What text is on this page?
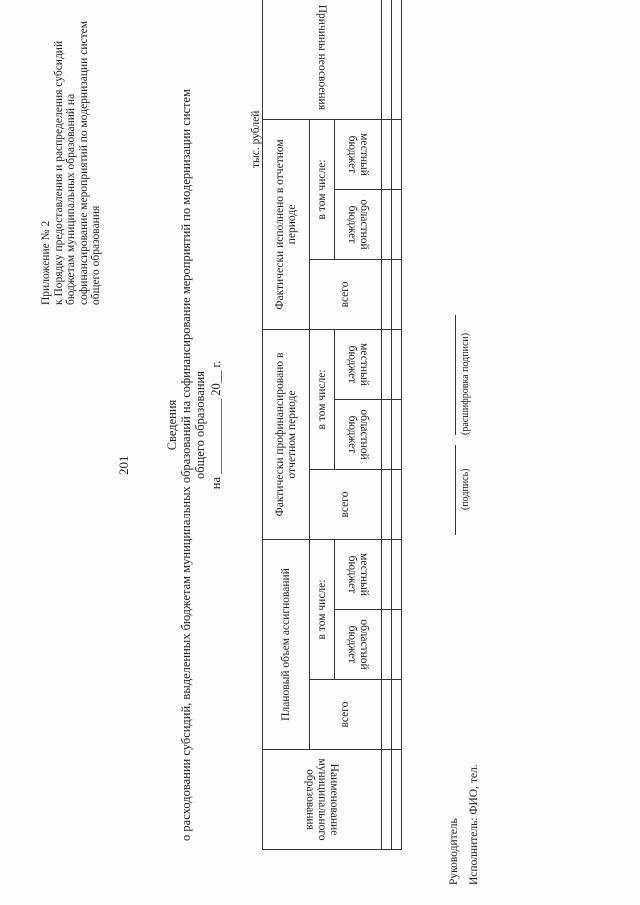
201
Приложение № 2 к Порядку предоставления и распределения субсидий бюджетам муниципальных образований на софинансирование мероприятий по модернизации систем общего образования
Сведения о расходовании субсидий, выделенных бюджетам муниципальных образований на софинансирование мероприятий по модернизации систем общего образования на ____________ 20__ г.
тыс. рублей
Наименование муниципального образования	Плановый объем ассигнований			Фактически профинансировано в отчетном периоде			Фактически исполнено в отчетном периоде			Причины неосвоения
	всего	в том числе:		всего	в том числе:		всего	в том числе:		
		областной бюджет	местный бюджет		областной бюджет	местный бюджет		областной бюджет	местный бюджет	

Руководитель Исполнитель: ФИО, тел.
(подпись)
(расшифровка подписи)
